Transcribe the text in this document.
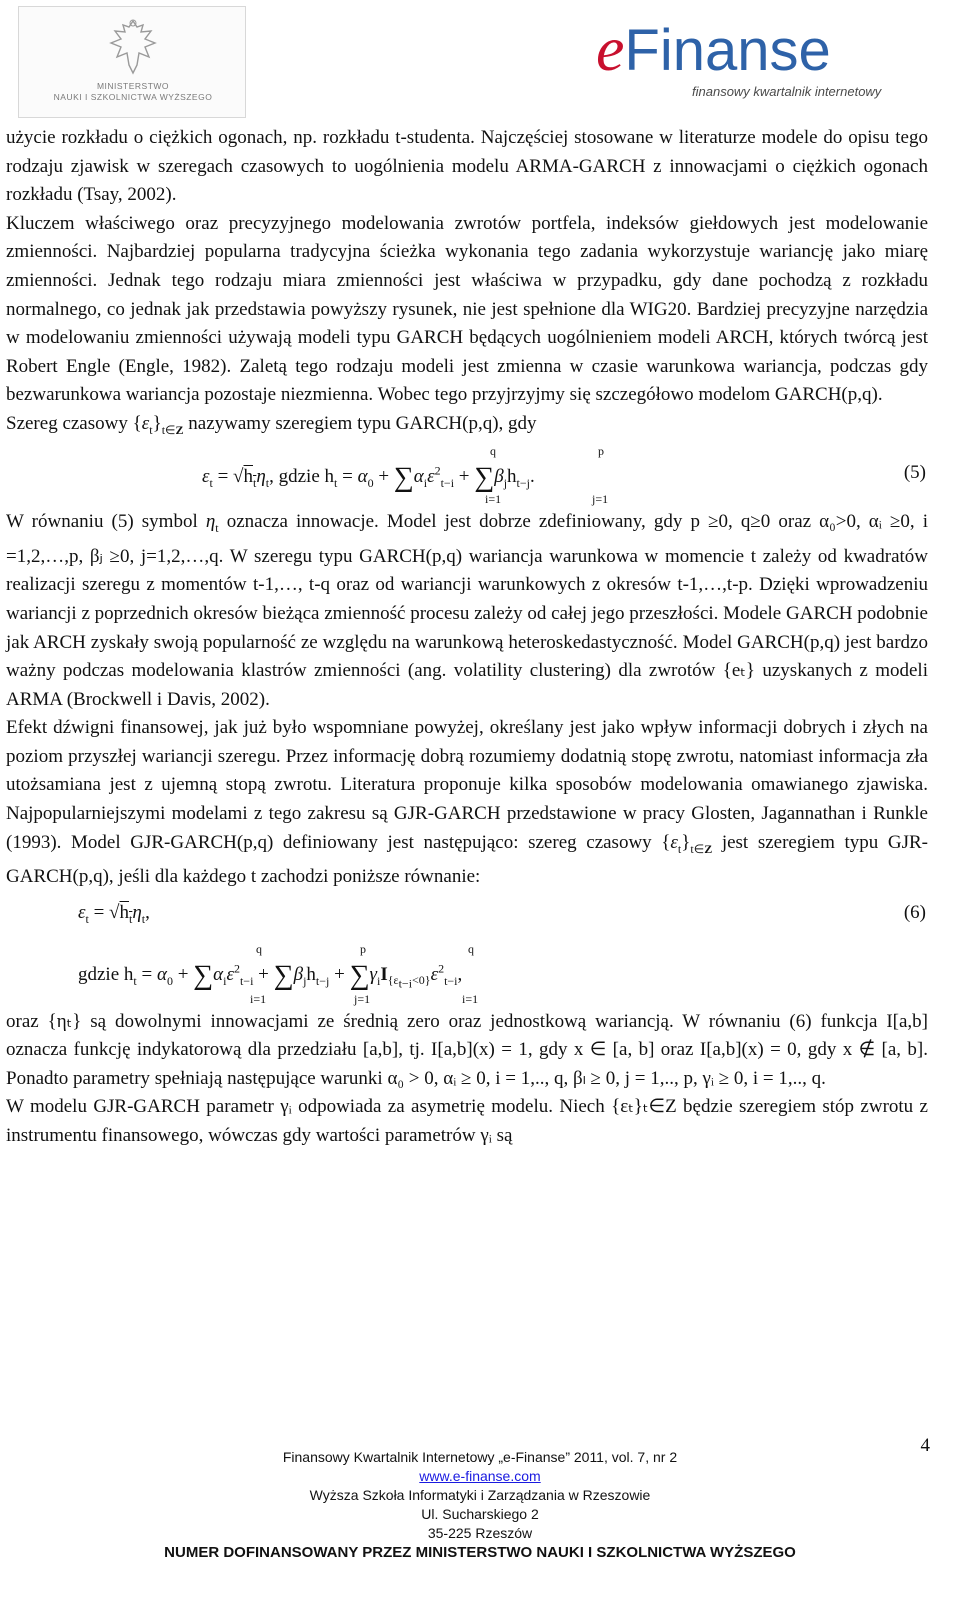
MINISTERSTWO
NAUKI I SZKOLNICTWA WYŻSZEGO
eFinanse
finansowy kwartalnik internetowy

użycie rozkładu o ciężkich ogonach, np. rozkładu t-studenta. Najczęściej stosowane w literaturze modele do opisu tego rodzaju zjawisk w szeregach czasowych to uogólnienia modelu ARMA-GARCH z innowacjami o ciężkich ogonach rozkładu (Tsay, 2002).

Kluczem właściwego oraz precyzyjnego modelowania zwrotów portfela, indeksów giełdowych jest modelowanie zmienności. Najbardziej popularna tradycyjna ścieżka wykonania tego zadania wykorzystuje wariancję jako miarę zmienności. Jednak tego rodzaju miara zmienności jest właściwa w przypadku, gdy dane pochodzą z rozkładu normalnego, co jednak jak przedstawia powyższy rysunek, nie jest spełnione dla WIG20. Bardziej precyzyjne narzędzia w modelowaniu zmienności używają modeli typu GARCH będących uogólnieniem modeli ARCH, których twórcą jest Robert Engle (Engle, 1982). Zaletą tego rodzaju modeli jest zmienna w czasie warunkowa wariancja, podczas gdy bezwarunkowa wariancja pozostaje niezmienna. Wobec tego przyjrzyjmy się szczegółowo modelom GARCH(p,q).

Szereg czasowy $\{\varepsilon_t\}_{t\in Z}$ nazywamy szeregiem typu GARCH(p,q), gdy

$\varepsilon_t = √h_t\eta_t$, gdzie $h_t = \alpha_0 + \sum\alpha_i\varepsilon^2_{t-i} + \sum\beta_jh_{t-j}$.
q
i=1
p
j=1
(5)

W równaniu (5) symbol $\eta_t$ oznacza innowacje. Model jest dobrze zdefiniowany, gdy p ≥0, q≥0 oraz α₀>0, αᵢ ≥0, i =1,2,…,p, βⱼ ≥0, j=1,2,…,q. W szeregu typu GARCH(p,q) wariancja warunkowa w momencie t zależy od kwadratów realizacji szeregu z momentów t-1,…, t-q oraz od wariancji warunkowych z okresów t-1,…,t-p. Dzięki wprowadzeniu wariancji z poprzednich okresów bieżąca zmienność procesu zależy od całej jego przeszłości. Modele GARCH podobnie jak ARCH zyskały swoją popularność ze względu na warunkową heteroskedastyczność. Model GARCH(p,q) jest bardzo ważny podczas modelowania klastrów zmienności (ang. volatility clustering) dla zwrotów {eₜ} uzyskanych z modeli ARMA (Brockwell i Davis, 2002).

Efekt dźwigni finansowej, jak już było wspomniane powyżej, określany jest jako wpływ informacji dobrych i złych na poziom przyszłej wariancji szeregu. Przez informację dobrą rozumiemy dodatnią stopę zwrotu, natomiast informacja zła utożsamiana jest z ujemną stopą zwrotu. Literatura proponuje kilka sposobów modelowania omawianego zjawiska. Najpopularniejszymi modelami z tego zakresu są GJR-GARCH przedstawione w pracy Glosten, Jagannathan i Runkle (1993). Model GJR-GARCH(p,q) definiowany jest następująco: szereg czasowy $\{\varepsilon_t\}_{t\in Z}$ jest szeregiem typu GJR-GARCH(p,q), jeśli dla każdego t zachodzi poniższe równanie:

$\varepsilon_t = √h_t\eta_t$,	(6)
gdzie $h_t = \alpha_0 + \sum\alpha_i\varepsilon^2_{t-i} + \sum\beta_jh_{t-j} + \sum\gamma_iI_{\{\varepsilon_{t-i}<0\}}\varepsilon^2_{t-i}$,
q
i=1
p
j=1
q
i=1

oraz {ηₜ} są dowolnymi innowacjami ze średnią zero oraz jednostkową wariancją. W równaniu (6) funkcja I[a,b] oznacza funkcję indykatorową dla przedziału [a,b], tj. I[a,b](x) = 1, gdy x ∈ [a, b] oraz I[a,b](x) = 0, gdy x ∉ [a, b]. Ponadto parametry spełniają następujące warunki α₀ > 0, αᵢ ≥ 0, i = 1,.., q, βₗ ≥ 0, j = 1,.., p, γᵢ ≥ 0, i = 1,.., q.

W modelu GJR-GARCH parametr γᵢ odpowiada za asymetrię modelu. Niech {εₜ}ₜ∈Z będzie szeregiem stóp zwrotu z instrumentu finansowego, wówczas gdy wartości parametrów γᵢ są

4
Finansowy Kwartalnik Internetowy „e-Finanse” 2011, vol. 7, nr 2
www.e-finanse.com
Wyższa Szkoła Informatyki i Zarządzania w Rzeszowie
Ul. Sucharskiego 2
35-225 Rzeszów
NUMER DOFINANSOWANY PRZEZ MINISTERSTWO NAUKI I SZKOLNICTWA WYŻSZEGO
